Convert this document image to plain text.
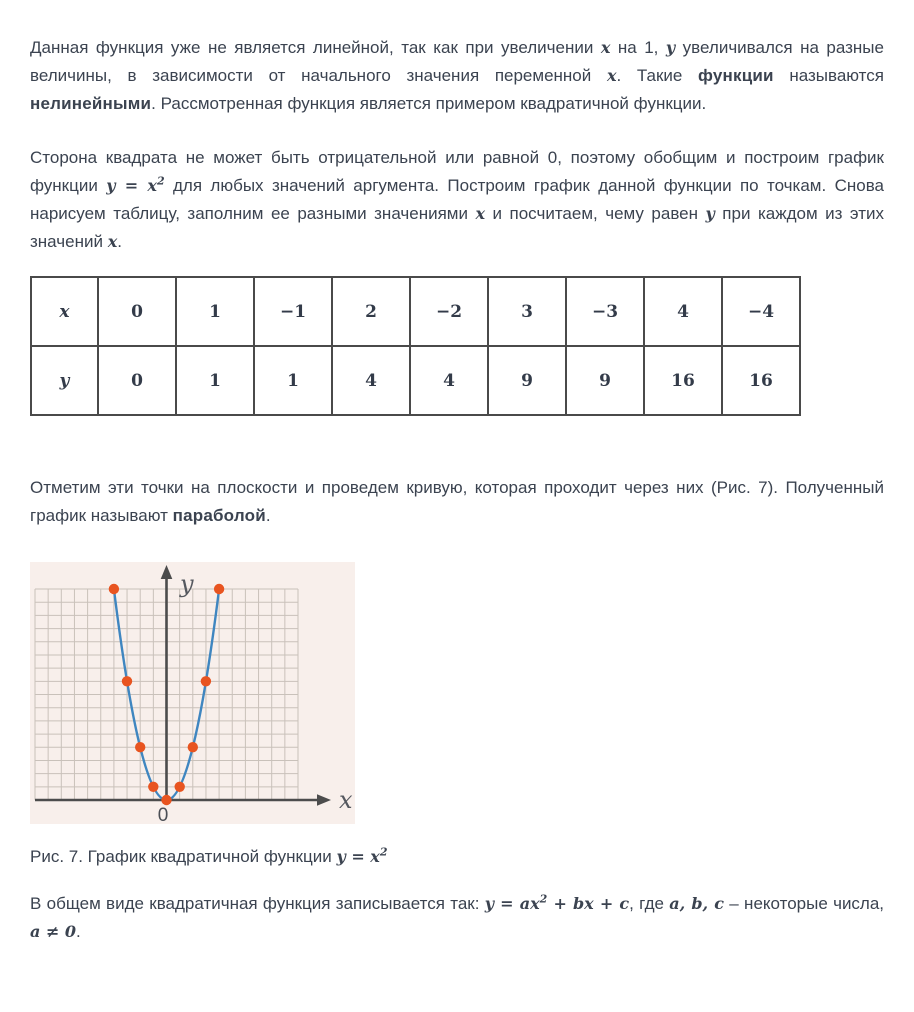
Данная функция уже не является линейной, так как при увеличении x на 1, y увеличивался на разные величины, в зависимости от начального значения переменной x. Такие функции называются нелинейными. Рассмотренная функция является примером квадратичной функции.

Сторона квадрата не может быть отрицательной или равной 0, поэтому обобщим и построим график функции $y = x^2$ для любых значений аргумента. Построим график данной функции по точкам. Снова нарисуем таблицу, заполним ее разными значениями x и посчитаем, чему равен y при каждом из этих значений x.

x	0	1	−1	2	−2	3	−3	4	−4
y	0	1	1	4	4	9	9	16	16

Отметим эти точки на плоскости и проведем кривую, которая проходит через них (Рис. 7). Полученный график называют параболой.

y
x
0

Рис. 7. График квадратичной функции $y = x^2$

В общем виде квадратичная функция записывается так: $y = ax^2$ + bx + c, где a, b, c – некоторые числа, a ≠ 0.
